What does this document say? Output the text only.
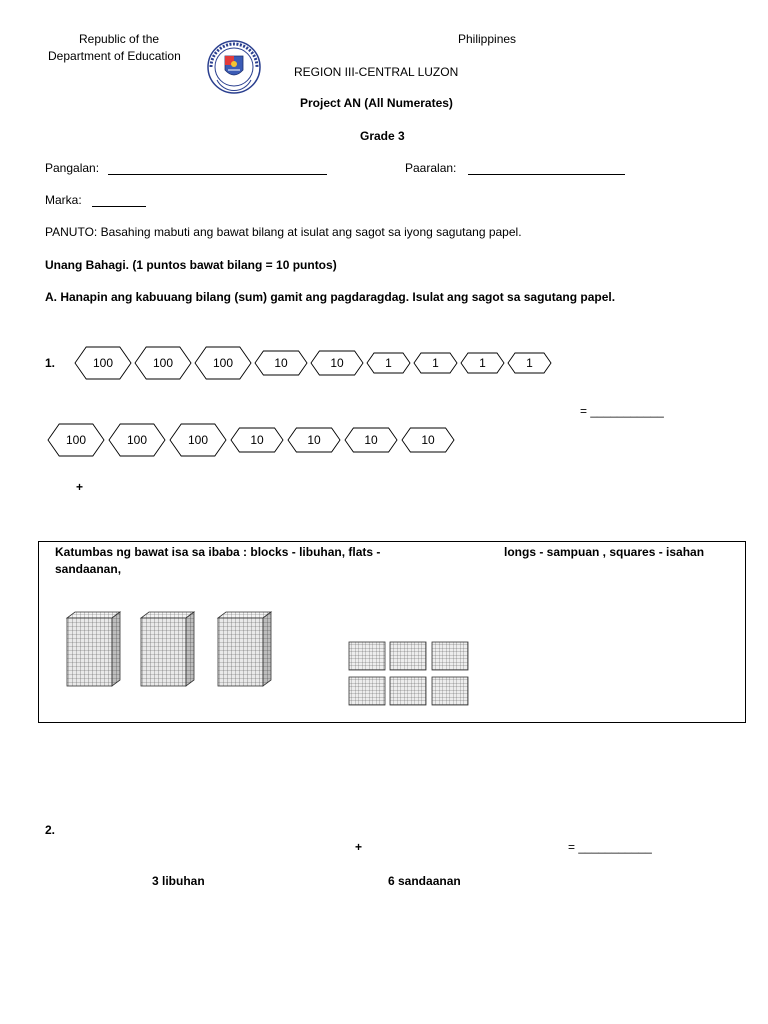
Republic of the
Department of Education
Philippines
REGION III-CENTRAL LUZON
Project AN (All Numerates)
Grade 3
Pangalan:	Paaralan:
Marka:
PANUTO: Basahing mabuti ang bawat bilang at isulat ang sagot sa iyong sagutang papel.
Unang Bahagi. (1 puntos bawat bilang = 10 puntos)
A. Hanapin ang kabuuang bilang (sum) gamit ang pagdaragdag. Isulat ang sagot sa sagutang papel.
1.	100	100	100	10	10	1	1	1	1
= ___________
100	100	100	10	10	10	10
+
Katumbas ng bawat isa sa ibaba : blocks - libuhan, flats -	longs - sampuan , squares - isahan
sandaanan,
2.
+	= ___________
3 libuhan	6 sandaanan
